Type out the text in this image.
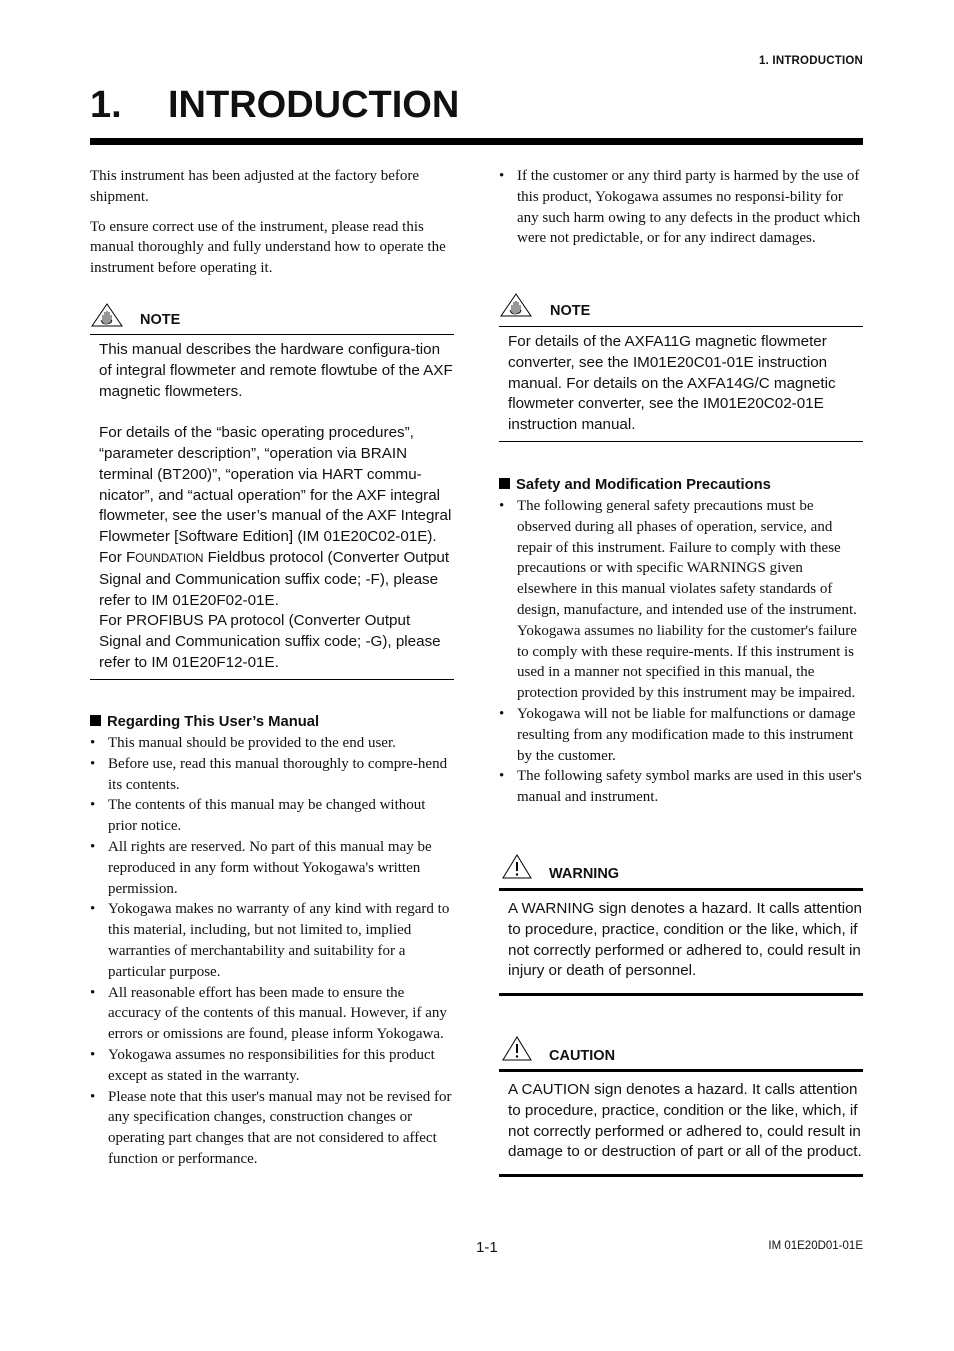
1. INTRODUCTION
1. INTRODUCTION

This instrument has been adjusted at the factory before shipment.

To ensure correct use of the instrument, please read this manual thoroughly and fully understand how to operate the instrument before operating it.

NOTE

This manual describes the hardware configura-tion of integral flowmeter and remote flowtube of the AXF magnetic flowmeters.

For details of the “basic operating procedures”, “parameter description”, “operation via BRAIN terminal (BT200)”, “operation via HART commu-nicator”, and “actual operation” for the AXF integral flowmeter, see the user’s manual of the AXF Integral Flowmeter [Software Edition] (IM 01E20C02-01E).

For FOUNDATION Fieldbus protocol (Converter Output Signal and Communication suffix code; -F), please refer to IM 01E20F02-01E.

For PROFIBUS PA protocol (Converter Output Signal and Communication suffix code; -G), please refer to IM 01E20F12-01E.

Regarding This User’s Manual
• This manual should be provided to the end user.
• Before use, read this manual thoroughly to compre-hend its contents.
• The contents of this manual may be changed without prior notice.
• All rights are reserved. No part of this manual may be reproduced in any form without Yokogawa's written permission.
• Yokogawa makes no warranty of any kind with regard to this material, including, but not limited to, implied warranties of merchantability and suitability for a particular purpose.
• All reasonable effort has been made to ensure the accuracy of the contents of this manual. However, if any errors or omissions are found, please inform Yokogawa.
• Yokogawa assumes no responsibilities for this product except as stated in the warranty.
• Please note that this user's manual may not be revised for any specification changes, construction changes or operating part changes that are not considered to affect function or performance.
• If the customer or any third party is harmed by the use of this product, Yokogawa assumes no responsi-bility for any such harm owing to any defects in the product which were not predictable, or for any indirect damages.
NOTE

For details of the AXFA11G magnetic flowmeter converter, see the IM01E20C01-01E instruction manual. For details on the AXFA14G/C magnetic flowmeter converter, see the IM01E20C02-01E instruction manual.

Safety and Modification Precautions
• The following general safety precautions must be observed during all phases of operation, service, and repair of this instrument. Failure to comply with these precautions or with specific WARNINGS given elsewhere in this manual violates safety standards of design, manufacture, and intended use of the instrument. Yokogawa assumes no liability for the customer's failure to comply with these require-ments. If this instrument is used in a manner not specified in this manual, the protection provided by this instrument may be impaired.
• Yokogawa will not be liable for malfunctions or damage resulting from any modification made to this instrument by the customer.
• The following safety symbol marks are used in this user's manual and instrument.
WARNING

A WARNING sign denotes a hazard. It calls attention to procedure, practice, condition or the like, which, if not correctly performed or adhered to, could result in injury or death of personnel.

CAUTION

A CAUTION sign denotes a hazard. It calls attention to procedure, practice, condition or the like, which, if not correctly performed or adhered to, could result in damage to or destruction of part or all of the product.

1-1	IM 01E20D01-01E
